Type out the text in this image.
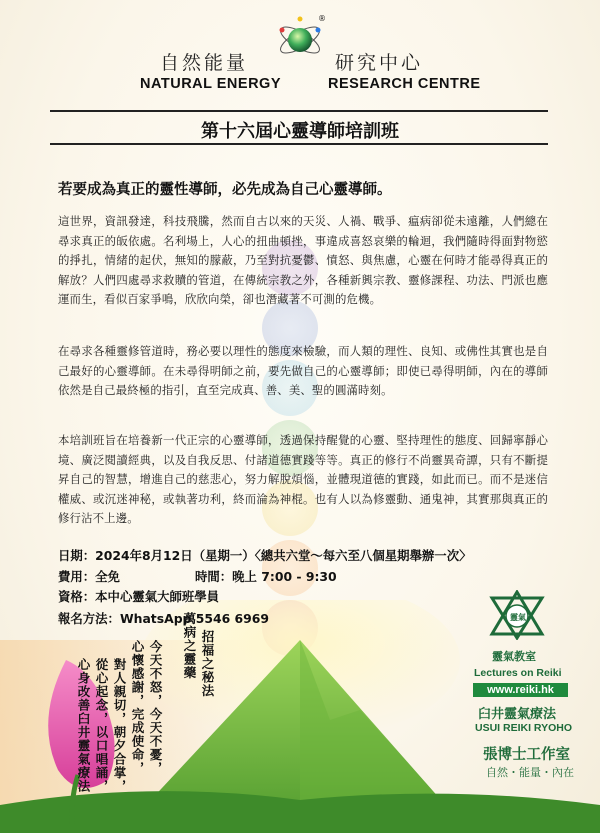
®
自然能量	研究中心
NATURAL ENERGY	RESEARCH CENTRE
第十六屆心靈導師培訓班
若要成為真正的靈性導師，必先成為自己心靈導師。

這世界，資訊發達，科技飛騰，然而自古以來的天災、人禍、戰爭、瘟病卻從未遠離，人們總在尋求真正的皈依處。名利場上，人心的扭曲頓挫，事違成喜怒哀樂的輪迴，我們隨時得面對物慾的掙扎，情緒的起伏，無知的朦蔽，乃至對抗憂鬱、憤怒、與焦慮，心靈在何時才能尋得真正的解放？人們四處尋求救贖的管道，在傳統宗教之外，各種新興宗教、靈修課程、功法、門派也應運而生，看似百家爭鳴，欣欣向榮，卻也潛藏著不可測的危機。

在尋求各種靈修管道時，務必要以理性的態度來檢驗，而人類的理性、良知、或佛性其實也是自己最好的心靈導師。在未尋得明師之前，要先做自己的心靈導師；即使已尋得明師，內在的導師依然是自己最終極的指引，直至完成真、善、美、聖的圓滿時刻。

本培訓班旨在培養新一代正宗的心靈導師，透過保持醒覺的心靈、堅持理性的態度、回歸寧靜心境、廣泛閱讀經典，以及自我反思、付諸道德實踐等等。真正的修行不尚靈異奇譚，只有不斷提昇自己的智慧，增進自己的慈悲心，努力解脫煩惱，並體現道德的實踐，如此而已。而不是迷信權威、或沉迷神秘，或執著功利，終而淪為神棍。也有人以為修靈動、通鬼神，其實那與真正的修行沾不上邊。

日期：2024年8月12日（星期一）〈總共六堂～每六至八個星期舉辦一次〉
費用：全免	時間：晚上 7:00 - 9:30
資格：本中心靈氣大師班學員
報名方法：WhatsApp 5546 6969
招福之秘法
萬病之靈藥
今天不怒，今天不憂，
心懷感謝，完成使命，
對人親切，朝夕合掌，
從心起念，以口唱誦，
心身改善臼井靈氣療法
靈氣
靈氣教室
Lectures on Reiki
www.reiki.hk
臼井靈氣療法
USUI REIKI RYOHO
張博士工作室
自然・能量・內在
